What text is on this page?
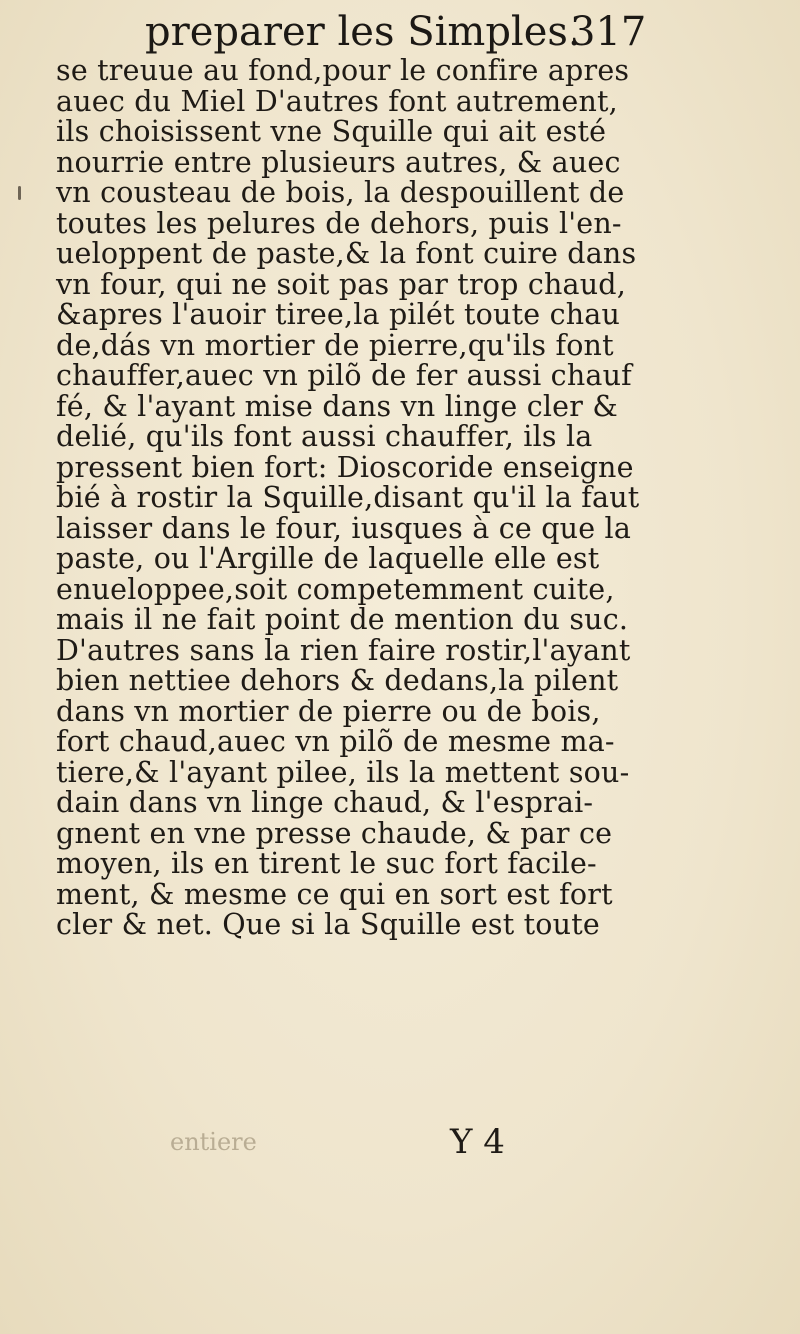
preparer les Simples.
317
se treuue au fond,pour le confire apres
auec du Miel D'autres font autrement,
ils choisissent vne Squille qui ait esté
nourrie entre plusieurs autres, & auec
vn cousteau de bois, la despouillent de
toutes les pelures de dehors, puis l'en-
ueloppent de paste,& la font cuire dans
vn four, qui ne soit pas par trop chaud,
&apres l'auoir tiree,la pilét toute chau
de,dás vn mortier de pierre,qu'ils font
chauffer,auec vn pilõ de fer aussi chauf
fé, & l'ayant mise dans vn linge cler &
delié, qu'ils font aussi chauffer, ils la
pressent bien fort: Dioscoride enseigne
bié à rostir la Squille,disant qu'il la faut
laisser dans le four, iusques à ce que la
paste, ou l'Argille de laquelle elle est
enueloppee,soit competemment cuite,
mais il ne fait point de mention du suc.
D'autres sans la rien faire rostir,l'ayant
bien nettiee dehors & dedans,la pilent
dans vn mortier de pierre ou de bois,
fort chaud,auec vn pilõ de mesme ma-
tiere,& l'ayant pilee, ils la mettent sou-
dain dans vn linge chaud, & l'esprai-
gnent en vne presse chaude, & par ce
moyen, ils en tirent le suc fort facile-
ment, & mesme ce qui en sort est fort
cler & net. Que si la Squille est toute
entiere	Y 4
